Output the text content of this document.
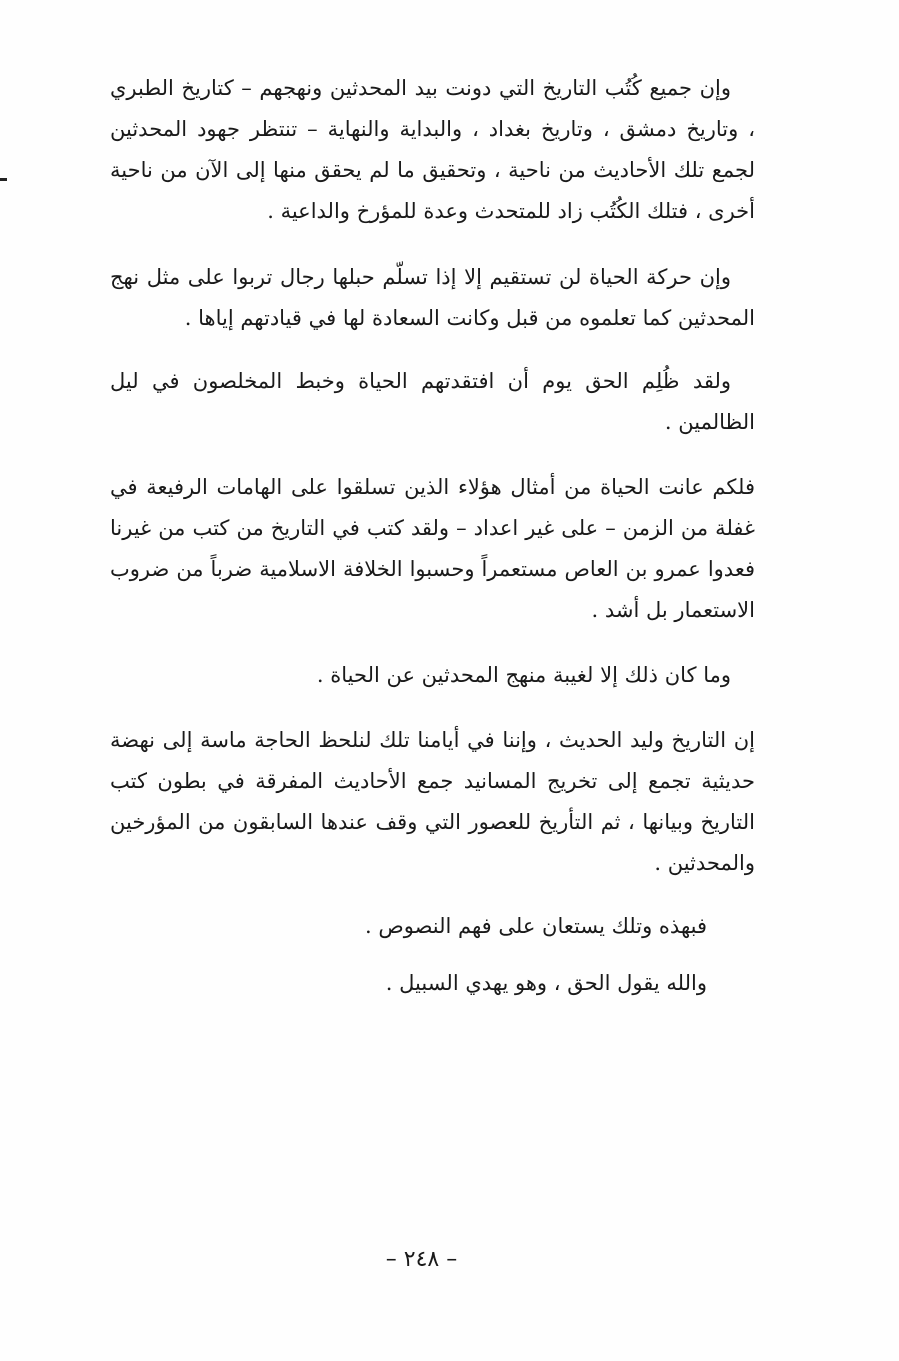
وإن جميع كُتُب التاريخ التي دونت بيد المحدثين ونهجهم – كتاريخ الطبري ، وتاريخ دمشق ، وتاريخ بغداد ، والبداية والنهاية – تنتظر جهود المحدثين لجمع تلك الأحاديث من ناحية ، وتحقيق ما لم يحقق منها إلى الآن من ناحية أخرى ، فتلك الكُتُب زاد للمتحدث وعدة للمؤرخ والداعية .

وإن حركة الحياة لن تستقيم إلا إذا تسلّم حبلها رجال تربوا على مثل نهج المحدثين كما تعلموه من قبل وكانت السعادة لها في قيادتهم إياها .

ولقد ظُلِم الحق يوم أن افتقدتهم الحياة وخبط المخلصون في ليل الظالمين .

فلكم عانت الحياة من أمثال هؤلاء الذين تسلقوا على الهامات الرفيعة في غفلة من الزمن – على غير اعداد – ولقد كتب في التاريخ من كتب من غيرنا فعدوا عمرو بن العاص مستعمراً وحسبوا الخلافة الاسلامية ضرباً من ضروب الاستعمار بل أشد .

وما كان ذلك إلا لغيبة منهج المحدثين عن الحياة .

إن التاريخ وليد الحديث ، وإننا في أيامنا تلك لنلحظ الحاجة ماسة إلى نهضة حديثية تجمع إلى تخريج المسانيد جمع الأحاديث المفرقة في بطون كتب التاريخ وبيانها ، ثم التأريخ للعصور التي وقف عندها السابقون من المؤرخين والمحدثين .

فبهذه وتلك يستعان على فهم النصوص .

والله يقول الحق ، وهو يهدي السبيل .

– ٢٤٨ –
